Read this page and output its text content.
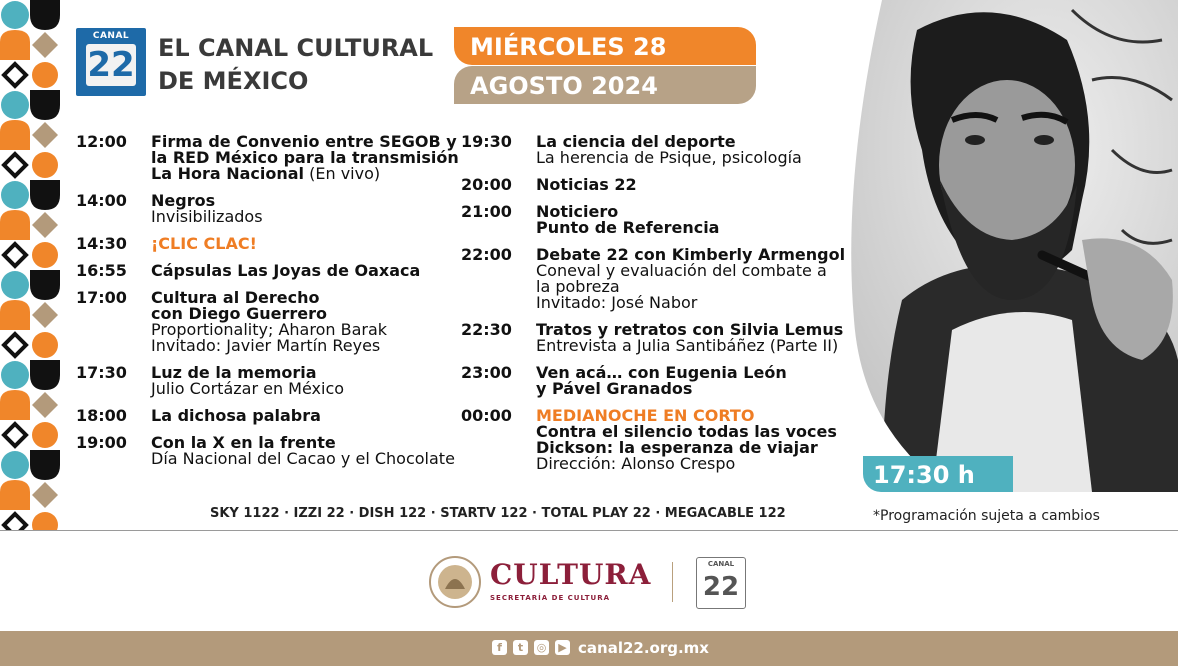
CANAL
22 EL CANAL CULTURAL
DE MÉXICO
MIÉRCOLES 28
AGOSTO 2024
12:00 Firma de Convenio entre SEGOB y
la RED México para la transmisión
La Hora Nacional (En vivo)
14:00 Negros
Invisibilizados
14:30 ¡CLIC CLAC!
16:55 Cápsulas Las Joyas de Oaxaca
17:00 Cultura al Derecho
con Diego Guerrero
Proportionality; Aharon Barak
Invitado: Javier Martín Reyes
17:30 Luz de la memoria
Julio Cortázar en México
18:00 La dichosa palabra
19:00 Con la X en la frente
Día Nacional del Cacao y el Chocolate
19:30 La ciencia del deporte
La herencia de Psique, psicología
20:00 Noticias 22
21:00 Noticiero
Punto de Referencia
22:00 Debate 22 con Kimberly Armengol
Coneval y evaluación del combate a
la pobreza
Invitado: José Nabor
22:30 Tratos y retratos con Silvia Lemus
Entrevista a Julia Santibáñez (Parte II)
23:00 Ven acá… con Eugenia León
y Pável Granados
00:00 MEDIANOCHE EN CORTO
Contra el silencio todas las voces
Dickson: la esperanza de viajar
Dirección: Alonso Crespo	17:30 h
SKY 1122 · IZZI 22 · DISH 122 · STARTV 122 · TOTAL PLAY 22 · MEGACABLE 122	*Programación sujeta a cambios
CULTURA
SECRETARÍA DE CULTURA
CANAL
22
f	t	◎ ▶ canal22.org.mx
